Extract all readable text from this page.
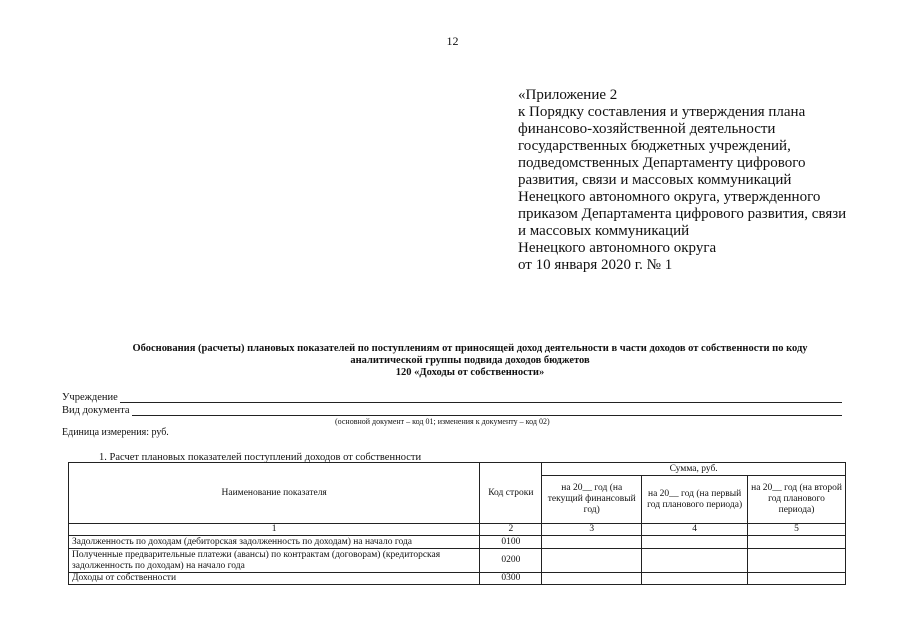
12
«Приложение 2
к Порядку составления и утверждения плана
финансово-хозяйственной деятельности
государственных бюджетных учреждений,
подведомственных Департаменту цифрового
развития, связи и массовых коммуникаций
Ненецкого автономного округа, утвержденного
приказом Департамента цифрового развития, связи
и массовых коммуникаций
Ненецкого автономного округа
от 10 января 2020 г. № 1
Обоснования (расчеты) плановых показателей по поступлениям от приносящей доход деятельности в части доходов от собственности по коду
аналитической группы подвида доходов бюджетов
120 «Доходы от собственности»
Учреждение
Вид документа
(основной документ – код 01; изменения к документу – код 02)
Единица измерения: руб.
1. Расчет плановых показателей поступлений доходов от собственности
Наименование показателя	Код строки	Сумма, руб.		
		на 20__ год (на текущий финансовый год)	на 20__ год (на первый год планового периода)	на 20__ год (на второй год планового периода)
1	2	3	4	5
Задолженность по доходам (дебиторская задолженность по доходам) на начало года	0100			
Полученные предварительные платежи (авансы) по контрактам (договорам) (кредиторская задолженность по доходам) на начало года	0200			
Доходы от собственности	0300			
